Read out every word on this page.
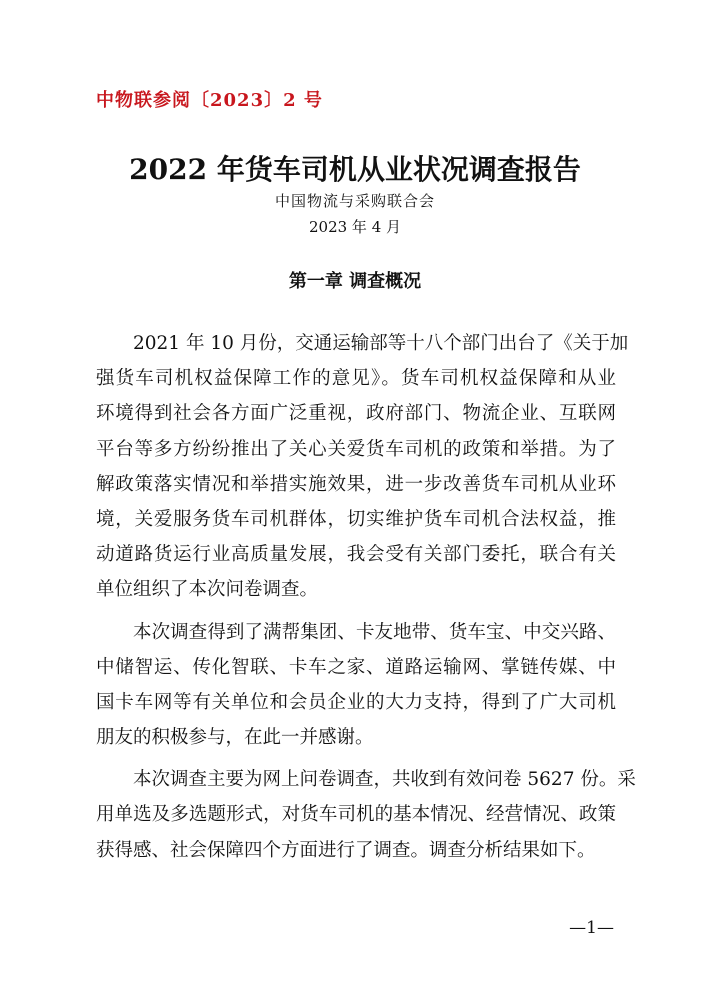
中物联参阅〔2023〕2 号
2022 年货车司机从业状况调查报告
中国物流与采购联合会
2023 年 4 月
第一章 调查概况
2021 年 10 月份，交通运输部等十八个部门出台了《关于加
强货车司机权益保障工作的意见》。货车司机权益保障和从业
环境得到社会各方面广泛重视，政府部门、物流企业、互联网
平台等多方纷纷推出了关心关爱货车司机的政策和举措。为了
解政策落实情况和举措实施效果，进一步改善货车司机从业环
境，关爱服务货车司机群体，切实维护货车司机合法权益，推
动道路货运行业高质量发展，我会受有关部门委托，联合有关
单位组织了本次问卷调查。
本次调查得到了满帮集团、卡友地带、货车宝、中交兴路、
中储智运、传化智联、卡车之家、道路运输网、掌链传媒、中
国卡车网等有关单位和会员企业的大力支持，得到了广大司机
朋友的积极参与，在此一并感谢。
本次调查主要为网上问卷调查，共收到有效问卷 5627 份。采
用单选及多选题形式，对货车司机的基本情况、经营情况、政策
获得感、社会保障四个方面进行了调查。调查分析结果如下。
—1—
